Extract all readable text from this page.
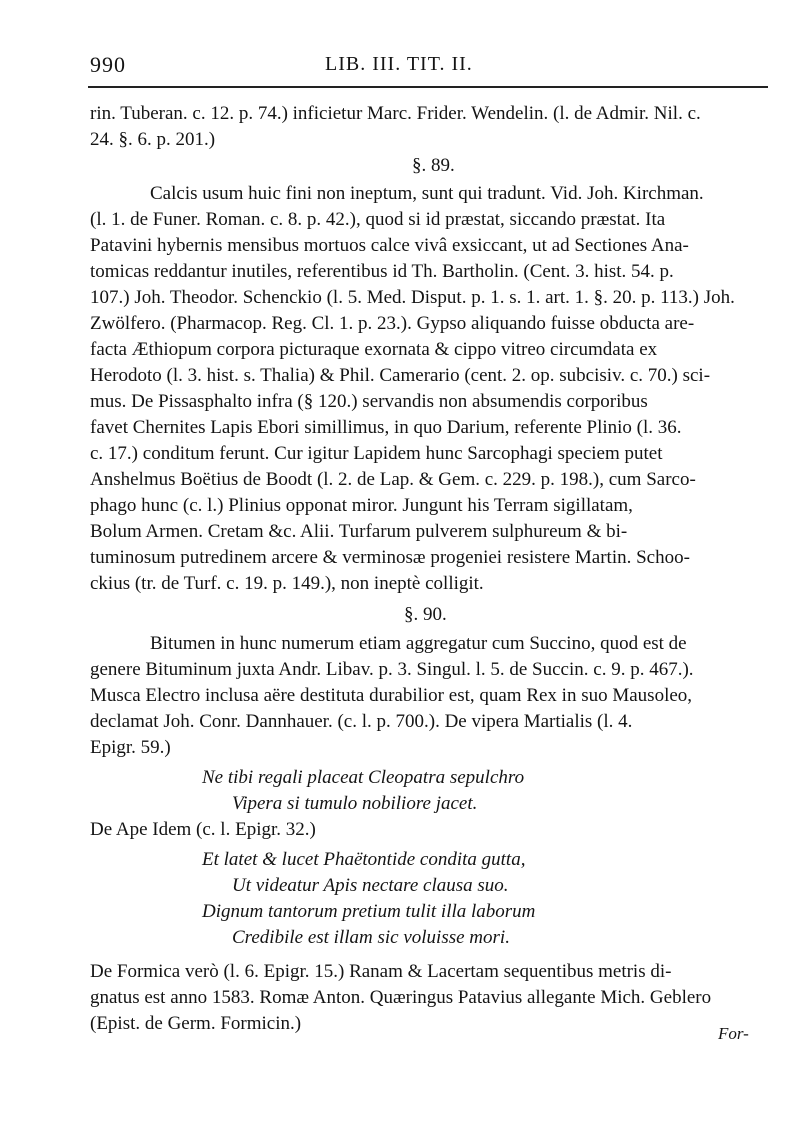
990	LIB. III. TIT. II.
rin. Tuberan. c. 12. p. 74.) inficietur Marc. Frider. Wendelin. (l. de Admir. Nil. c.
24. §. 6. p. 201.)
§. 89.
Calcis usum huic fini non ineptum, sunt qui tradunt. Vid. Joh. Kirchman.
(l. 1. de Funer. Roman. c. 8. p. 42.), quod si id præstat, siccando præstat. Ita
Patavini hybernis mensibus mortuos calce vivâ exsiccant, ut ad Sectiones Ana-
tomicas reddantur inutiles, referentibus id Th. Bartholin. (Cent. 3. hist. 54. p.
107.) Joh. Theodor. Schenckio (l. 5. Med. Disput. p. 1. s. 1. art. 1. §. 20. p. 113.) Joh.
Zwölfero. (Pharmacop. Reg. Cl. 1. p. 23.). Gypso aliquando fuisse obducta are-
facta Æthiopum corpora picturaque exornata & cippo vitreo circumdata ex
Herodoto (l. 3. hist. s. Thalia) & Phil. Camerario (cent. 2. op. subcisiv. c. 70.) sci-
mus. De Pissasphalto infra (§ 120.) servandis non absumendis corporibus
favet Chernites Lapis Ebori simillimus, in quo Darium, referente Plinio (l. 36.
c. 17.) conditum ferunt. Cur igitur Lapidem hunc Sarcophagi speciem putet
Anshelmus Boëtius de Boodt (l. 2. de Lap. & Gem. c. 229. p. 198.), cum Sarco-
phago hunc (c. l.) Plinius opponat miror. Jungunt his Terram sigillatam,
Bolum Armen. Cretam &c. Alii. Turfarum pulverem sulphureum & bi-
tuminosum putredinem arcere & verminosæ progeniei resistere Martin. Schoo-
ckius (tr. de Turf. c. 19. p. 149.), non ineptè colligit.
§. 90.
Bitumen in hunc numerum etiam aggregatur cum Succino, quod est de
genere Bituminum juxta Andr. Libav. p. 3. Singul. l. 5. de Succin. c. 9. p. 467.).
Musca Electro inclusa aëre destituta durabilior est, quam Rex in suo Mausoleo,
declamat Joh. Conr. Dannhauer. (c. l. p. 700.). De vipera Martialis (l. 4.
Epigr. 59.)
Ne tibi regali placeat Cleopatra sepulchro
Vipera si tumulo nobiliore jacet.
De Ape Idem (c. l. Epigr. 32.)
Et latet & lucet Phaëtontide condita gutta,
Ut videatur Apis nectare clausa suo.
Dignum tantorum pretium tulit illa laborum
Credibile est illam sic voluisse mori.
De Formica verò (l. 6. Epigr. 15.) Ranam & Lacertam sequentibus metris di-
gnatus est anno 1583. Romæ Anton. Quæringus Patavius allegante Mich. Geblero
(Epist. de Germ. Formicin.)	For-
